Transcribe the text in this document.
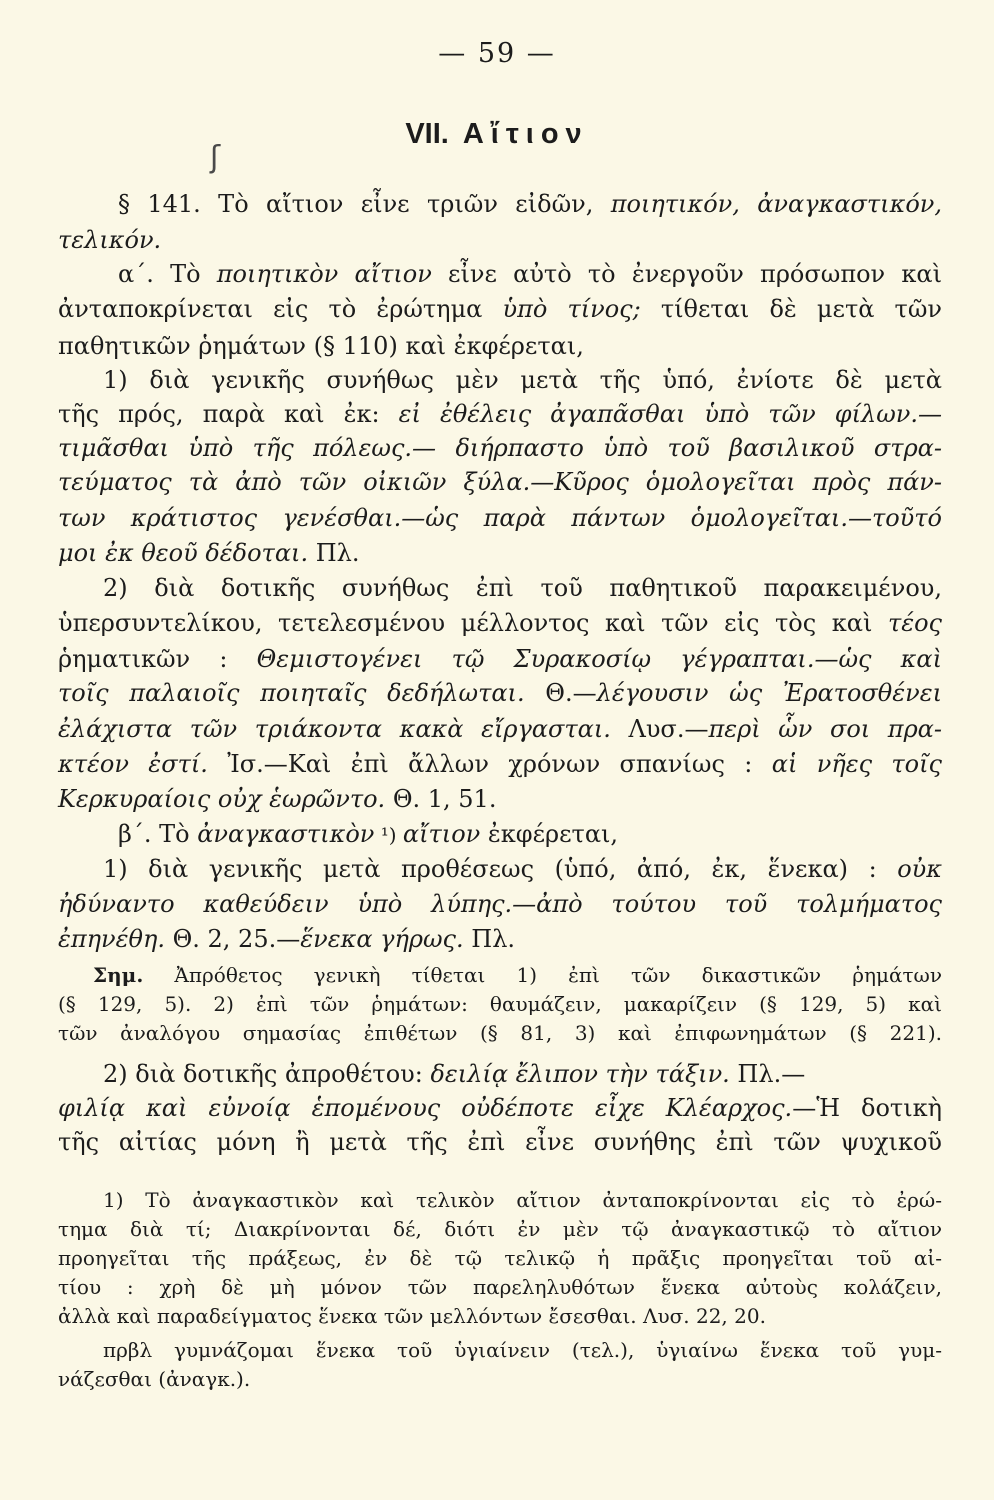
— 59 —
VII. Αἴτιον
ʃ
§ 141. Τὸ αἴτιον εἶνε τριῶν εἰδῶν, ποιητικόν, ἀναγκαστικόν,
τελικόν.
α΄. Τὸ ποιητικὸν αἴτιον εἶνε αὐτὸ τὸ ἐνεργοῦν πρόσωπον καὶ
ἀνταποκρίνεται εἰς τὸ ἐρώτημα ὑπὸ τίνος; τίθεται δὲ μετὰ τῶν
παθητικῶν ῥημάτων (§ 110) καὶ ἐκφέρεται,
1) διὰ γενικῆς συνήθως μὲν μετὰ τῆς ὑπό, ἐνίοτε δὲ μετὰ
τῆς πρός, παρὰ καὶ ἐκ: εἰ ἐθέλεις ἀγαπᾶσθαι ὑπὸ τῶν φίλων.—
τιμᾶσθαι ὑπὸ τῆς πόλεως.— διήρπαστο ὑπὸ τοῦ βασιλικοῦ στρα-
τεύματος τὰ ἀπὸ τῶν οἰκιῶν ξύλα.—Κῦρος ὁμολογεῖται πρὸς πάν-
των κράτιστος γενέσθαι.—ὡς παρὰ πάντων ὁμολογεῖται.—τοῦτό
μοι ἐκ θεοῦ δέδοται. Πλ.
2) διὰ δοτικῆς συνήθως ἐπὶ τοῦ παθητικοῦ παρακειμένου,
ὑπερσυντελίκου, τετελεσμένου μέλλοντος καὶ τῶν εἰς τὸς καὶ τέος
ῥηματικῶν : Θεμιστογένει τῷ Συρακοσίῳ γέγραπται.—ὡς καὶ
τοῖς παλαιοῖς ποιηταῖς δεδήλωται. Θ.—λέγουσιν ὡς Ἐρατοσθένει
ἐλάχιστα τῶν τριάκοντα κακὰ εἴργασται. Λυσ.—περὶ ὧν σοι πρα-
κτέον ἐστί. Ἰσ.—Καὶ ἐπὶ ἄλλων χρόνων σπανίως : αἱ νῆες τοῖς
Κερκυραίοις οὐχ ἑωρῶντο. Θ. 1, 51.
β΄. Τὸ ἀναγκαστικὸν ¹) αἴτιον ἐκφέρεται,
1) διὰ γενικῆς μετὰ προθέσεως (ὑπό, ἀπό, ἐκ, ἕνεκα) : οὐκ
ἠδύναντο καθεύδειν ὑπὸ λύπης.—ἀπὸ τούτου τοῦ τολμήματος
ἐπηνέθη. Θ. 2, 25.—ἕνεκα γήρως. Πλ.
Σημ. Ἀπρόθετος γενικὴ τίθεται 1) ἐπὶ τῶν δικαστικῶν ῥημάτων
(§ 129, 5). 2) ἐπὶ τῶν ῥημάτων: θαυμάζειν, μακαρίζειν (§ 129, 5) καὶ
τῶν ἀναλόγου σημασίας ἐπιθέτων (§ 81, 3) καὶ ἐπιφωνημάτων (§ 221).
2) διὰ δοτικῆς ἀπροθέτου: δειλίᾳ ἔλιπον τὴν τάξιν. Πλ.—
φιλίᾳ καὶ εὐνοίᾳ ἑπομένους οὐδέποτε εἶχε Κλέαρχος.—Ἡ δοτικὴ
τῆς αἰτίας μόνη ἢ μετὰ τῆς ἐπὶ εἶνε συνήθης ἐπὶ τῶν ψυχικοῦ
1) Τὸ ἀναγκαστικὸν καὶ τελικὸν αἴτιον ἀνταποκρίνονται εἰς τὸ ἐρώ-
τημα διὰ τί; Διακρίνονται δέ, διότι ἐν μὲν τῷ ἀναγκαστικῷ τὸ αἴτιον
προηγεῖται τῆς πράξεως, ἐν δὲ τῷ τελικῷ ἡ πρᾶξις προηγεῖται τοῦ αἰ-
τίου : χρὴ δὲ μὴ μόνον τῶν παρεληλυθότων ἕνεκα αὐτοὺς κολάζειν,
ἀλλὰ καὶ παραδείγματος ἕνεκα τῶν μελλόντων ἔσεσθαι. Λυσ. 22, 20.
πρβλ γυμνάζομαι ἕνεκα τοῦ ὑγιαίνειν (τελ.), ὑγιαίνω ἕνεκα τοῦ γυμ-
νάζεσθαι (ἀναγκ.).
